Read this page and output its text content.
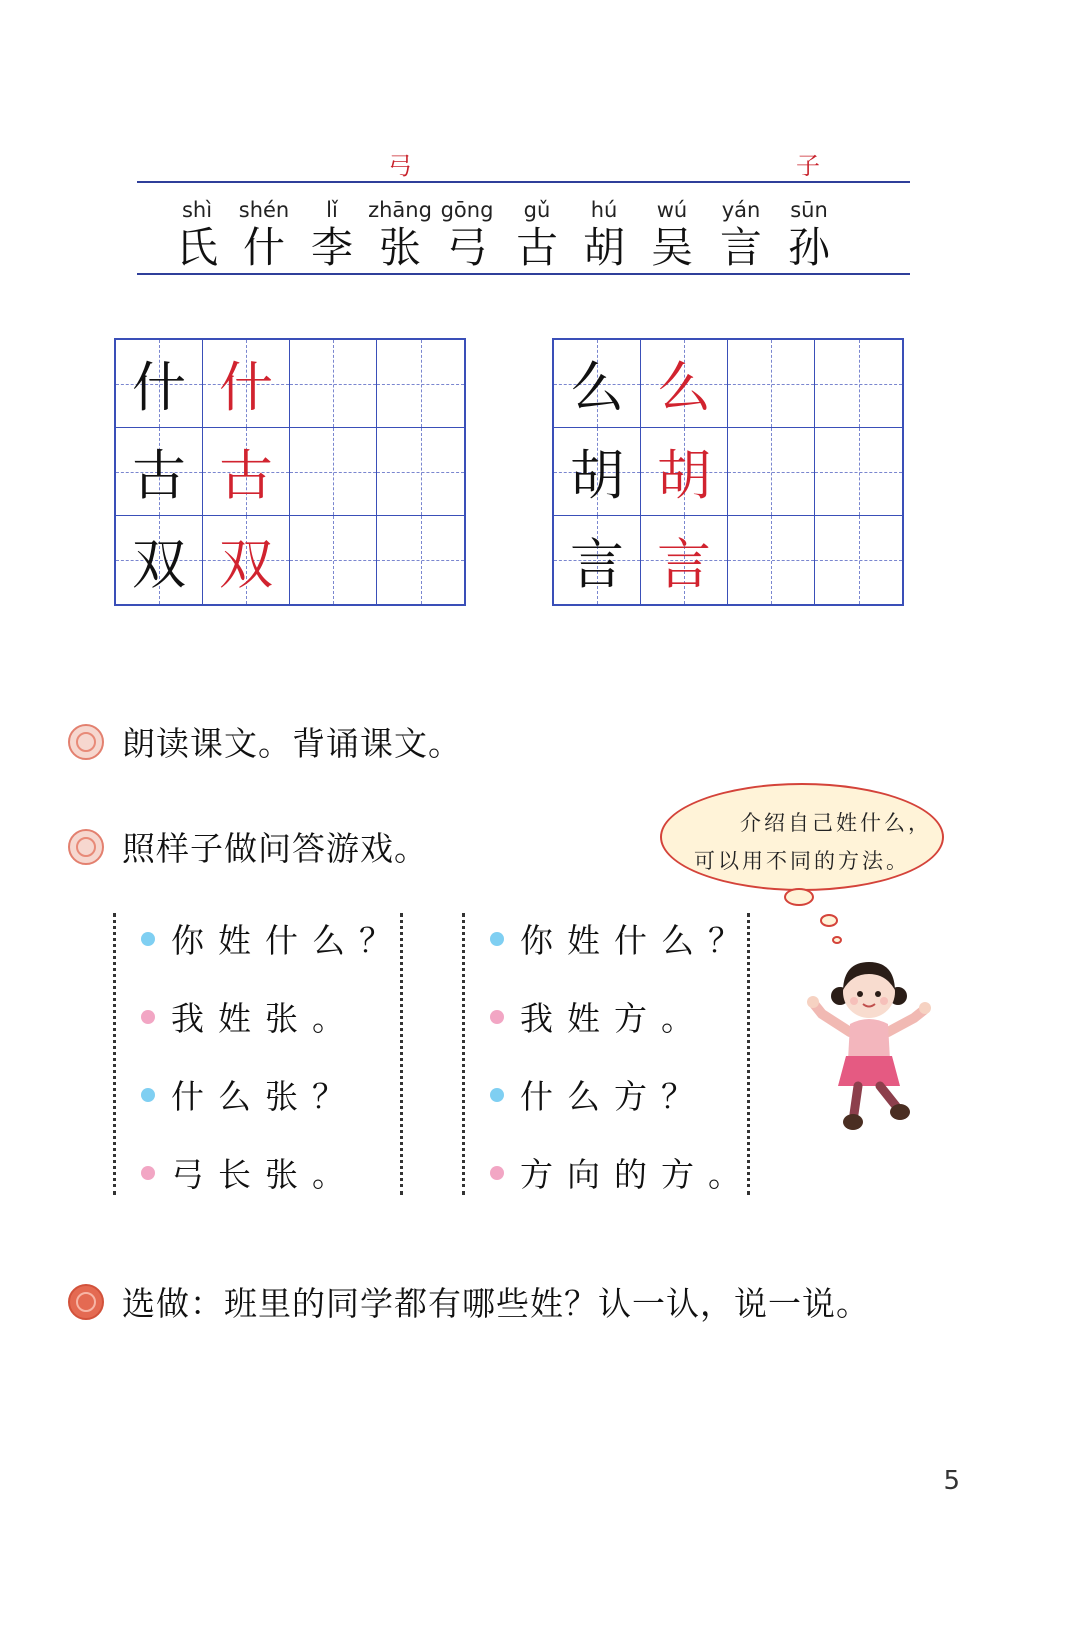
弓	子
shì
氏
shén
什
lǐ
李
zhāng
张
gōng
弓
gǔ
古
hú
胡
wú
吴
yán
言
sūn
孙
什 什
古 古
双 双
么 么
胡 胡
言 言
朗读课文。背诵课文。
照样子做问答游戏。
介绍自己姓什么，
可以用不同的方法。
你姓什么？
我姓张。
什么张？
弓长张。
你姓什么？
我姓方。
什么方？
方向的方。
选做：班里的同学都有哪些姓？认一认，说一说。
5
